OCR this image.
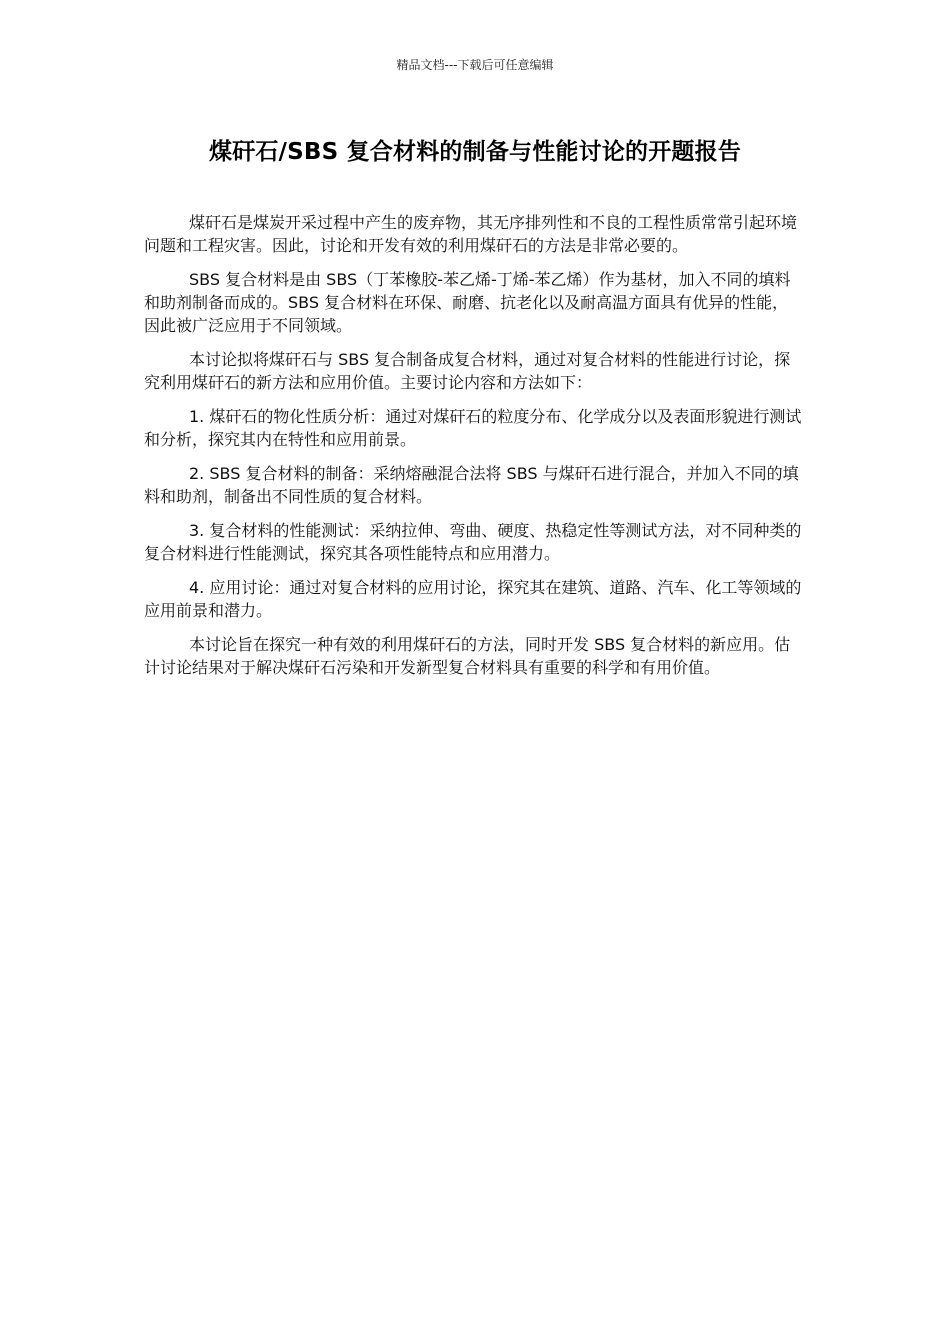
精品文档---下载后可任意编辑
煤矸石/SBS 复合材料的制备与性能讨论的开题报告

煤矸石是煤炭开采过程中产生的废弃物，其无序排列性和不良的工程性质常常引起环境问题和工程灾害。因此，讨论和开发有效的利用煤矸石的方法是非常必要的。

SBS 复合材料是由 SBS（丁苯橡胶-苯乙烯-丁烯-苯乙烯）作为基材，加入不同的填料和助剂制备而成的。SBS 复合材料在环保、耐磨、抗老化以及耐高温方面具有优异的性能，因此被广泛应用于不同领域。

本讨论拟将煤矸石与 SBS 复合制备成复合材料，通过对复合材料的性能进行讨论，探究利用煤矸石的新方法和应用价值。主要讨论内容和方法如下：

1. 煤矸石的物化性质分析：通过对煤矸石的粒度分布、化学成分以及表面形貌进行测试和分析，探究其内在特性和应用前景。

2. SBS 复合材料的制备：采纳熔融混合法将 SBS 与煤矸石进行混合，并加入不同的填料和助剂，制备出不同性质的复合材料。

3. 复合材料的性能测试：采纳拉伸、弯曲、硬度、热稳定性等测试方法，对不同种类的复合材料进行性能测试，探究其各项性能特点和应用潜力。

4. 应用讨论：通过对复合材料的应用讨论，探究其在建筑、道路、汽车、化工等领域的应用前景和潜力。

本讨论旨在探究一种有效的利用煤矸石的方法，同时开发 SBS 复合材料的新应用。估计讨论结果对于解决煤矸石污染和开发新型复合材料具有重要的科学和有用价值。
